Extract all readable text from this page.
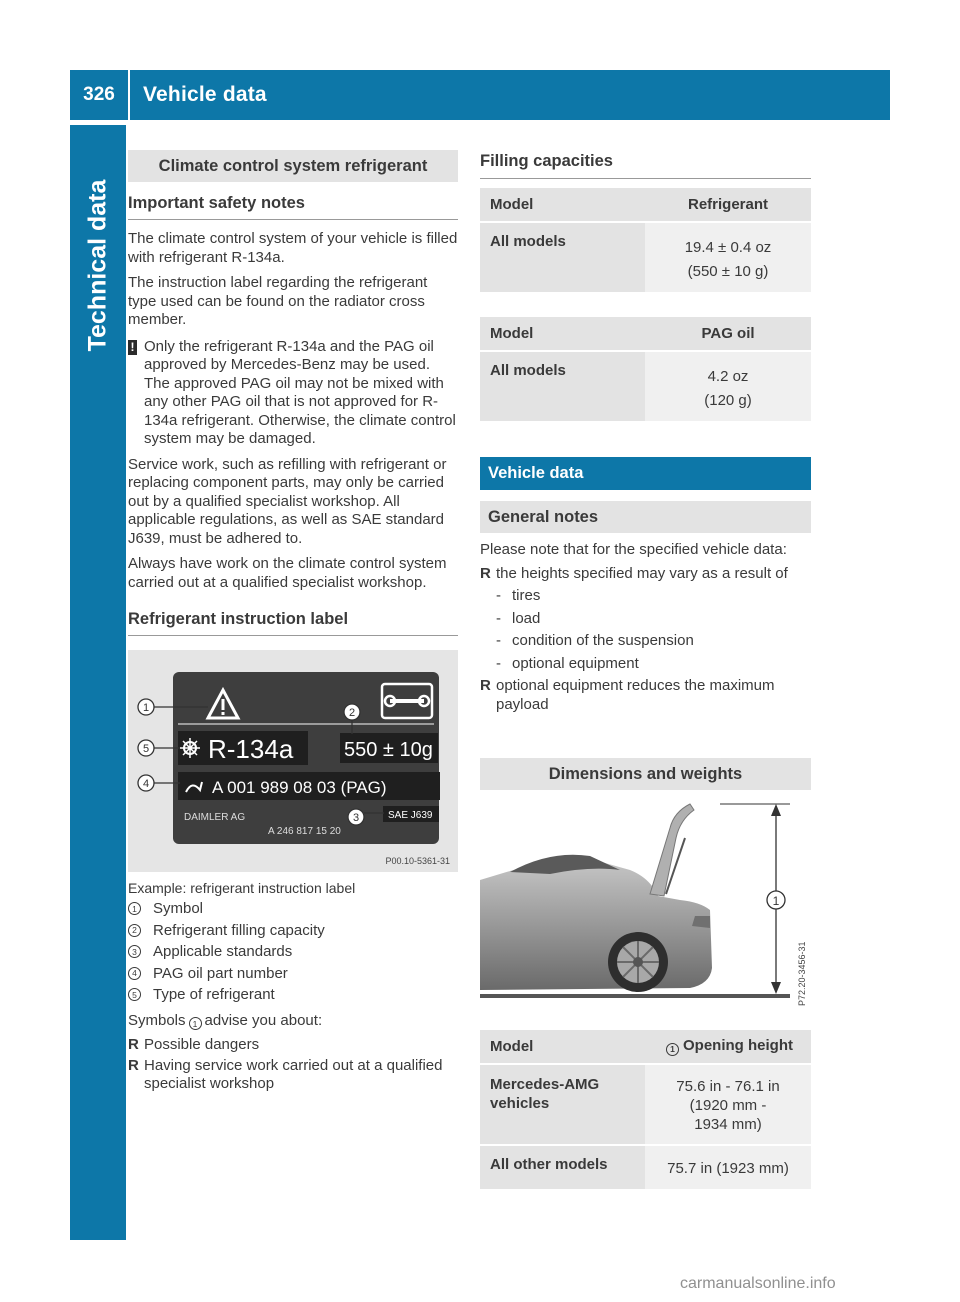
326	Vehicle data
Technical data
Climate control system refrigerant
Important safety notes

The climate control system of your vehicle is filled with refrigerant R-134a.

The instruction label regarding the refrigerant type used can be found on the radiator cross member.

! Only the refrigerant R-134a and the PAG oil approved by Mercedes-Benz may be used. The approved PAG oil may not be mixed with any other PAG oil that is not approved for R-134a refrigerant. Otherwise, the climate control system may be damaged.

Service work, such as refilling with refrigerant or replacing component parts, may only be carried out by a qualified specialist workshop. All applicable regulations, as well as SAE standard J639, must be adhered to.

Always have work on the climate control system carried out at a qualified specialist workshop.

Refrigerant instruction label
R-134a	550 ± 10g
A 001 989 08 03 (PAG)
DAIMLER AG
A 246 817 15 20
SAE J639
1	2
3
4
5
P00.10-5361-31
Example: refrigerant instruction label
1 Symbol
2 Refrigerant filling capacity
3 Applicable standards
4 PAG oil part number
5 Type of refrigerant

Symbols 1 advise you about:

R Possible dangers
R Having service work carried out at a qualified specialist workshop
Filling capacities
Model	Refrigerant
All models	19.4 ± 0.4 oz
(550 ± 10 g)
Model	PAG oil
All models	4.2 oz
(120 g)
Vehicle data
General notes

Please note that for the specified vehicle data:

R the heights specified may vary as a result of
- tires
- load
- condition of the suspension
- optional equipment
R optional equipment reduces the maximum payload
Dimensions and weights
1
P72.20-3456-31
Model	1 Opening height
Mercedes-AMG vehicles	75.6 in - 76.1 in
(1920 mm -
1934 mm)

All other models	75.7 in (1923 mm)
carmanualsonline.info
